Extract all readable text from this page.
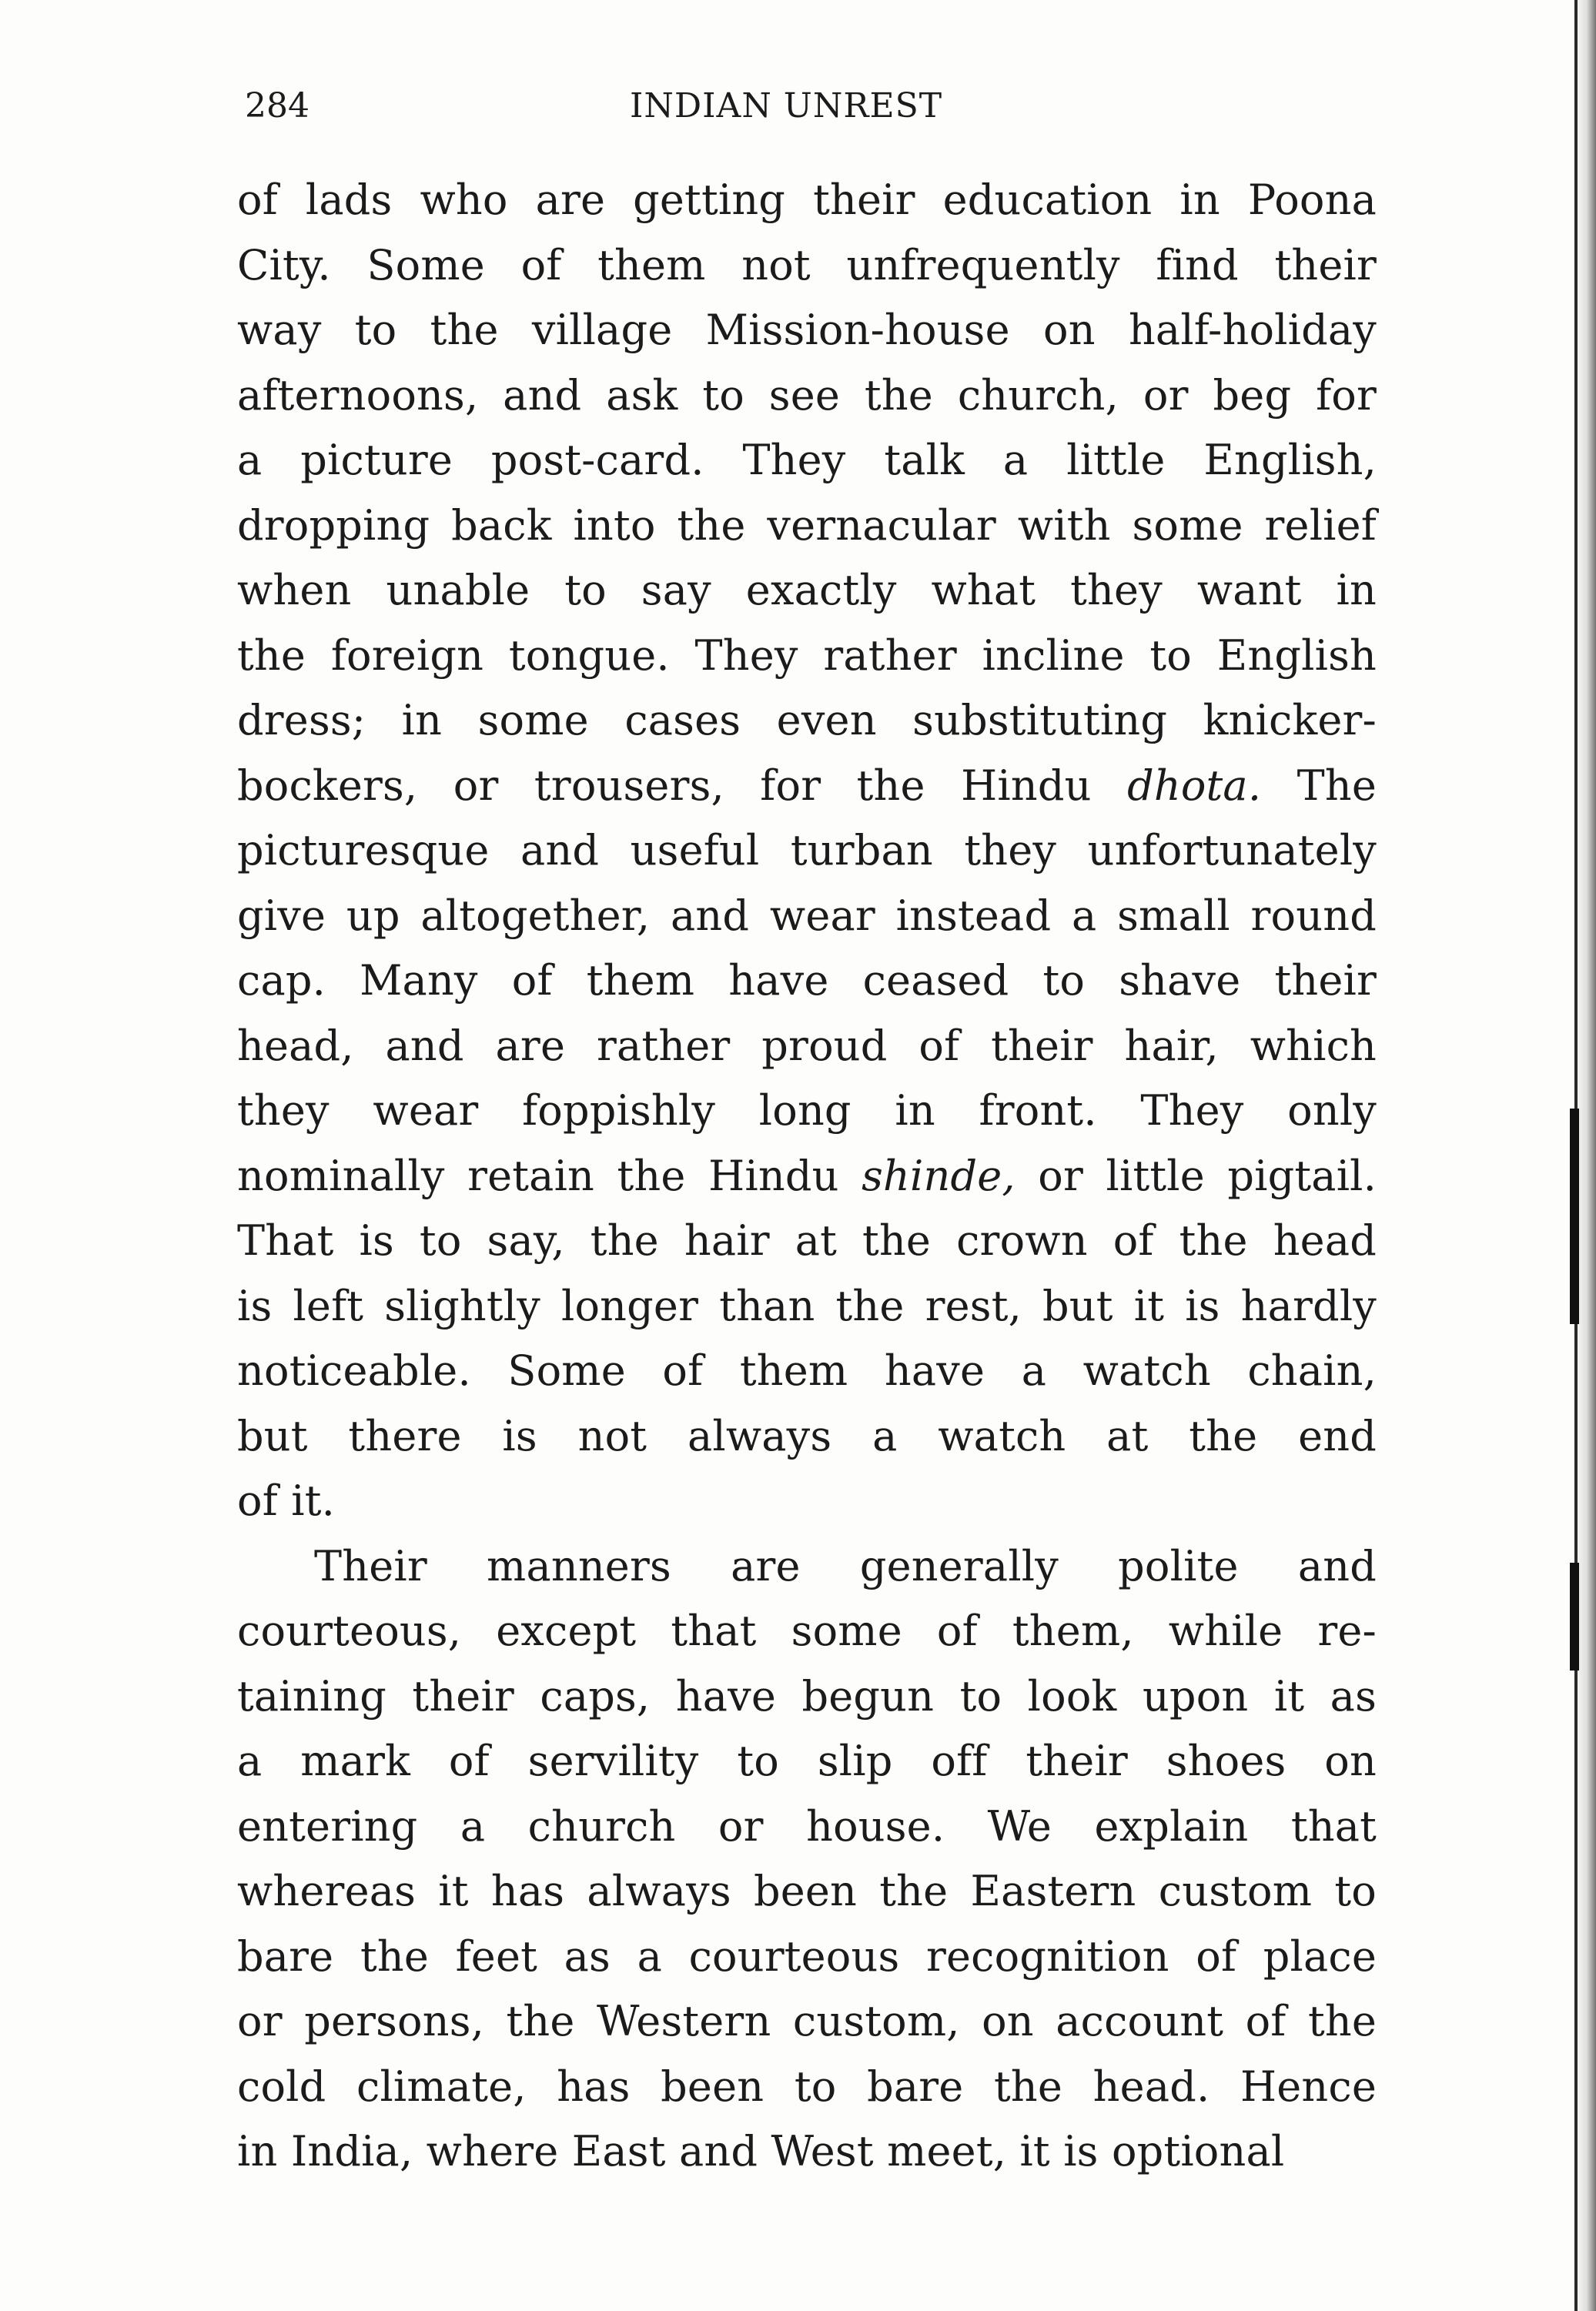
284	INDIAN UNREST
of lads who are getting their education in Poona
City. Some of them not unfrequently find their
way to the village Mission-house on half-holiday
afternoons, and ask to see the church, or beg for
a picture post-card. They talk a little English,
dropping back into the vernacular with some relief
when unable to say exactly what they want in
the foreign tongue. They rather incline to English
dress; in some cases even substituting knicker-
bockers, or trousers, for the Hindu dhota. The
picturesque and useful turban they unfortunately
give up altogether, and wear instead a small round
cap. Many of them have ceased to shave their
head, and are rather proud of their hair, which
they wear foppishly long in front. They only
nominally retain the Hindu shinde, or little pigtail.
That is to say, the hair at the crown of the head
is left slightly longer than the rest, but it is hardly
noticeable. Some of them have a watch chain,
but there is not always a watch at the end
of it.
Their manners are generally polite and
courteous, except that some of them, while re-
taining their caps, have begun to look upon it as
a mark of servility to slip off their shoes on
entering a church or house. We explain that
whereas it has always been the Eastern custom to
bare the feet as a courteous recognition of place
or persons, the Western custom, on account of the
cold climate, has been to bare the head. Hence
in India, where East and West meet, it is optional
